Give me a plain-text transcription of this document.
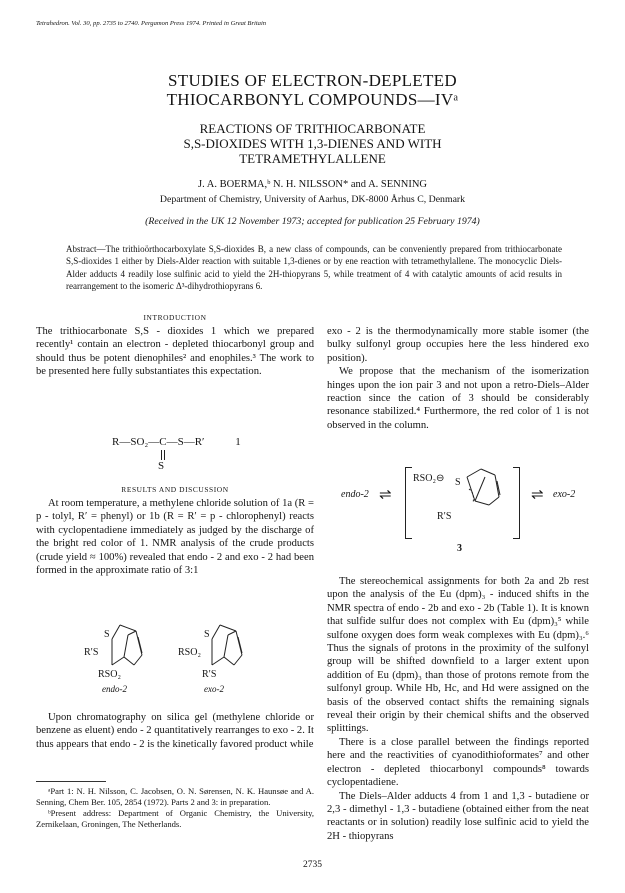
Tetrahedron. Vol. 30, pp. 2735 to 2740. Pergamon Press 1974. Printed in Great Britain
STUDIES OF ELECTRON-DEPLETED
THIOCARBONYL COMPOUNDS—IVᵃ
REACTIONS OF TRITHIOCARBONATE
S,S-DIOXIDES WITH 1,3-DIENES AND WITH
TETRAMETHYLALLENE
J. A. BOERMA,ᵇ N. H. NILSSON* and A. SENNING
Department of Chemistry, University of Aarhus, DK-8000 Århus C, Denmark
(Received in the UK 12 November 1973; accepted for publication 25 February 1974)
Abstract—The trithioörthocarboxylate S,S-dioxides B, a new class of compounds, can be conveniently prepared from trithiocarbonate S,S-dioxides 1 either by Diels-Alder reaction with suitable 1,3-dienes or by ene reaction with tetramethylallene. The monocyclic Diels-Alder adducts 4 readily lose sulfinic acid to yield the 2H-thiopyrans 5, while treatment of 4 with catalytic amounts of acid results in rearrangement to the isomeric Δ³-dihydrothiopyrans 6.
INTRODUCTION

The trithiocarbonate S,S - dioxides 1 which we prepared recently¹ contain an electron - depleted thiocarbonyl group and should thus be potent dienophiles² and enophiles.³ The work to be presented here fully substantiates this expectation.

R—SO₂—C—S—R′	1
S
RESULTS AND DISCUSSION

At room temperature, a methylene chloride solution of 1a (R = p - tolyl, R′ = phenyl) or 1b (R = R′ = p - chlorophenyl) reacts with cyclopentadiene immediately as judged by the discharge of the bright red color of 1. NMR analysis of the crude products (crude yield ≈ 100%) revealed that endo - 2 and exo - 2 had been formed in the approximate ratio of 3:1

S
R′S
RSO₂
endo-2
S
RSO₂
R′S
exo-2

Upon chromatography on silica gel (methylene chloride or benzene as eluent) endo - 2 quantitatively rearranges to exo - 2. It thus appears that endo - 2 is the kinetically favored product while

ᵃPart 1: N. H. Nilsson, C. Jacobsen, O. N. Sørensen, N. K. Haunsøe and A. Senning, Chem Ber. 105, 2854 (1972). Parts 2 and 3: in preparation.

ᵇPresent address: Department of Organic Chemistry, the University, Zernikelaan, Groningen, The Netherlands.

exo - 2 is the thermodynamically more stable isomer (the bulky sulfonyl group occupies here the less hindered exo position).

We propose that the mechanism of the isomerization hinges upon the ion pair 3 and not upon a retro-Diels–Alder reaction since the cation of 3 should be considerably resonance stabilized.⁴ Furthermore, the red color of 1 is not observed in the column.

endo-2 ⇌
RSO₂⊖ S
R′S
⇌ exo-2
3

The stereochemical assignments for both 2a and 2b rest upon the analysis of the Eu (dpm)₃ - induced shifts in the NMR spectra of endo - 2b and exo - 2b (Table 1). It is known that sulfide sulfur does not complex with Eu (dpm)₃⁵ while sulfone oxygen does form weak complexes with Eu (dpm)₃.⁶ Thus the signals of protons in the proximity of the sulfonyl group will be shifted downfield to a larger extent upon addition of Eu (dpm)₃ than those of protons remote from the sulfonyl group. While Hb, Hc, and Hd were assigned on the basis of the observed contact shifts the remaining signals reveal their origin by their chemical shifts and the observed splittings.

There is a close parallel between the findings reported here and the reactivities of cyanodithioformates⁷ and other electron - depleted thiocarbonyl compounds⁸ towards cyclopentadiene.

The Diels–Alder adducts 4 from 1 and 1,3 - butadiene or 2,3 - dimethyl - 1,3 - butadiene (obtained either from the neat reactants or in solution) readily lose sulfinic acid to yield the 2H - thiopyrans

2735
